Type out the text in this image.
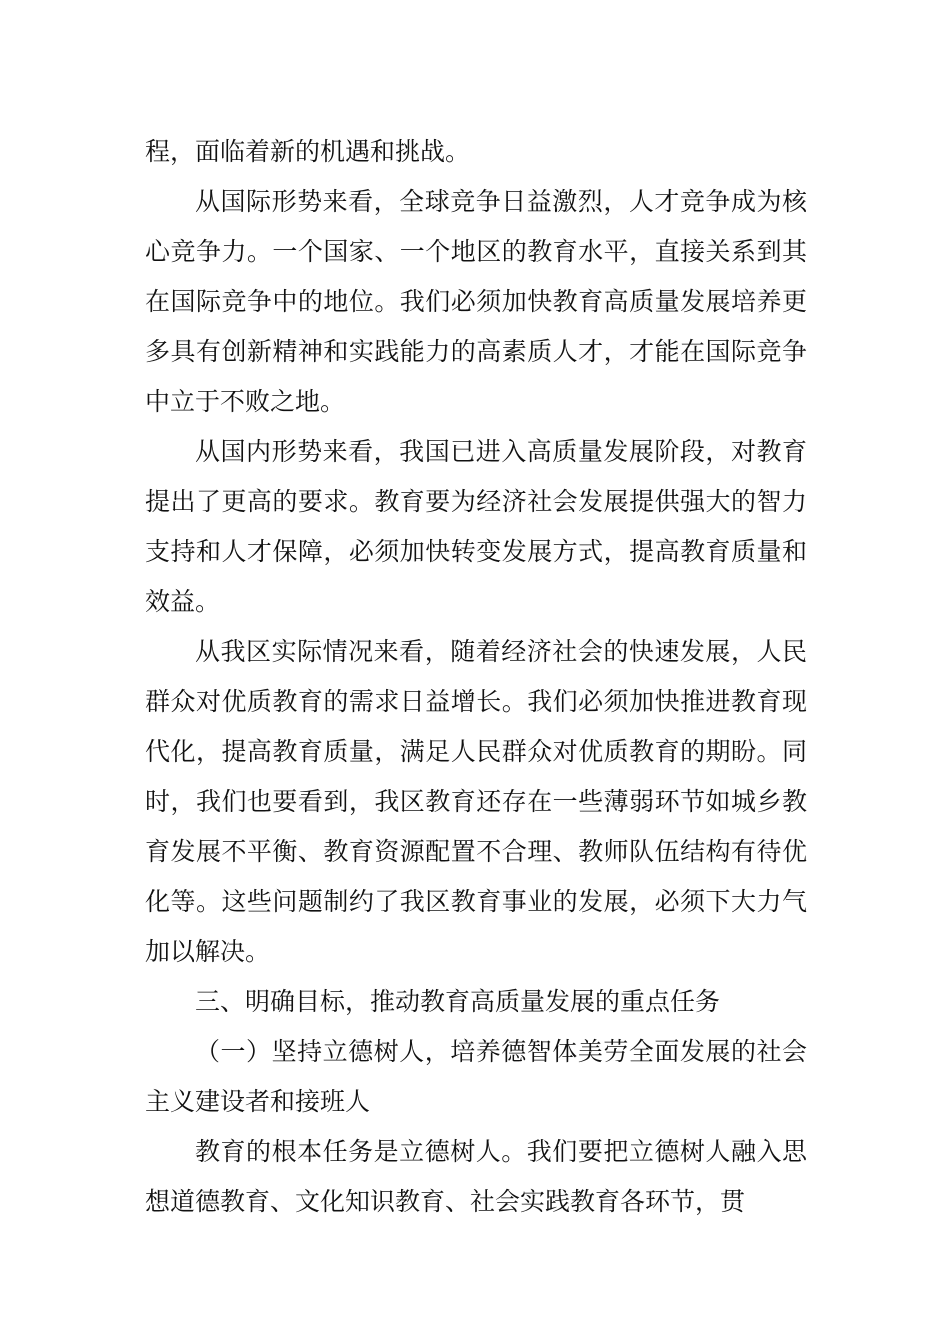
程，面临着新的机遇和挑战。

从国际形势来看，全球竞争日益激烈，人才竞争成为核心竞争力。一个国家、一个地区的教育水平，直接关系到其在国际竞争中的地位。我们必须加快教育高质量发展培养更多具有创新精神和实践能力的高素质人才，才能在国际竞争中立于不败之地。

从国内形势来看，我国已进入高质量发展阶段，对教育提出了更高的要求。教育要为经济社会发展提供强大的智力支持和人才保障，必须加快转变发展方式，提高教育质量和效益。

从我区实际情况来看，随着经济社会的快速发展，人民群众对优质教育的需求日益增长。我们必须加快推进教育现代化，提高教育质量，满足人民群众对优质教育的期盼。同时，我们也要看到，我区教育还存在一些薄弱环节如城乡教育发展不平衡、教育资源配置不合理、教师队伍结构有待优化等。这些问题制约了我区教育事业的发展，必须下大力气加以解决。

三、明确目标，推动教育高质量发展的重点任务

（一）坚持立德树人，培养德智体美劳全面发展的社会主义建设者和接班人

教育的根本任务是立德树人。我们要把立德树人融入思想道德教育、文化知识教育、社会实践教育各环节，贯
